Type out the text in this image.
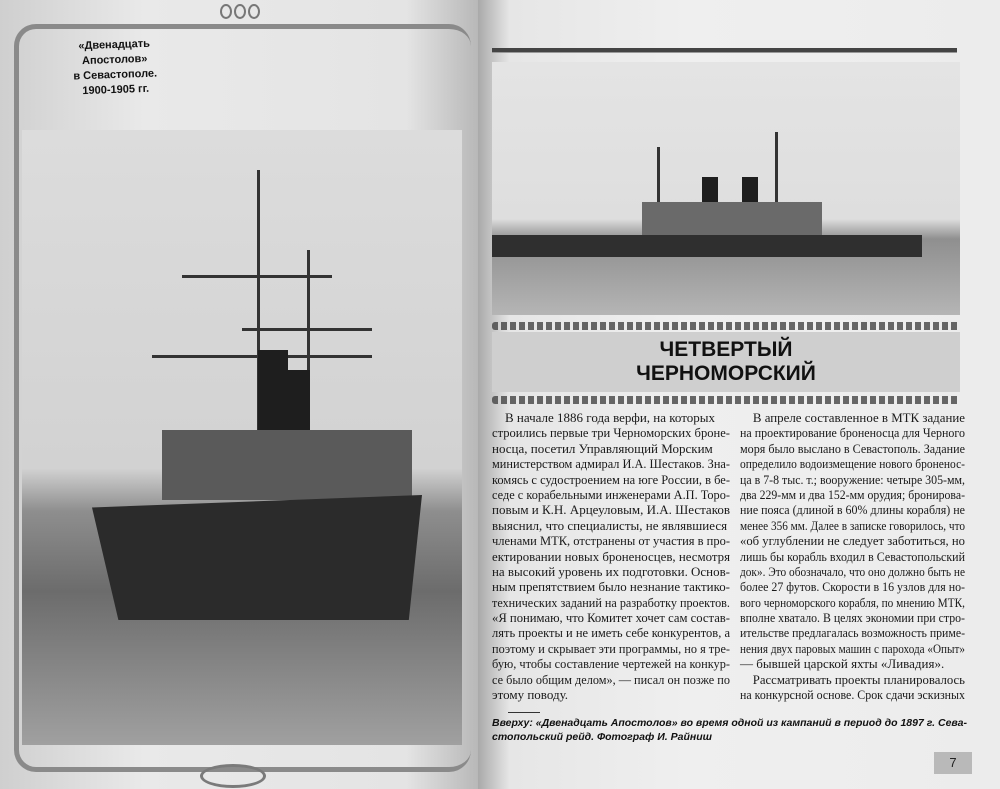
«Двенадцать Апостолов»
в Севастополе.
1900-1905 гг.
ЧЕТВЕРТЫЙ
ЧЕРНОМОРСКИЙ
В начале 1886 года верфи, на которых
строились первые три Черноморских броне-
носца, посетил Управляющий Морским
министерством адмирал И.А. Шестаков. Зна-
комясь с судостроением на юге России, в бе-
седе с корабельными инженерами А.П. Торо-
повым и К.Н. Арцеуловым, И.А. Шестаков
выяснил, что специалисты, не являвшиеся
членами МТК, отстранены от участия в про-
ектировании новых броненосцев, несмотря
на высокий уровень их подготовки. Основ-
ным препятствием было незнание тактико-
технических заданий на разработку проектов.
«Я понимаю, что Комитет хочет сам состав-
лять проекты и не иметь себе конкурентов, а
поэтому и скрывает эти программы, но я тре-
бую, чтобы составление чертежей на конкур-
се было общим делом», — писал он позже по
этому поводу.
В апреле составленное в МТК задание
на проектирование броненосца для Черного
моря было выслано в Севастополь. Задание
определило водоизмещение нового броненос-
ца в 7-8 тыс. т.; вооружение: четыре 305-мм,
два 229-мм и два 152-мм орудия; бронирова-
ние пояса (длиной в 60% длины корабля) не
менее 356 мм. Далее в записке говорилось, что
«об углублении не следует заботиться, но
лишь бы корабль входил в Севастопольский
док». Это обозначало, что оно должно быть не
более 27 футов. Скорости в 16 узлов для но-
вого черноморского корабля, по мнению МТК,
вполне хватало. В целях экономии при стро-
ительстве предлагалась возможность приме-
нения двух паровых машин с парохода «Опыт»
— бывшей царской яхты «Ливадия».
Рассматривать проекты планировалось
на конкурсной основе. Срок сдачи эскизных
Вверху: «Двенадцать Апостолов» во время одной из кампаний в период до 1897 г. Сева-стопольский рейд. Фотограф И. Райниш
7
